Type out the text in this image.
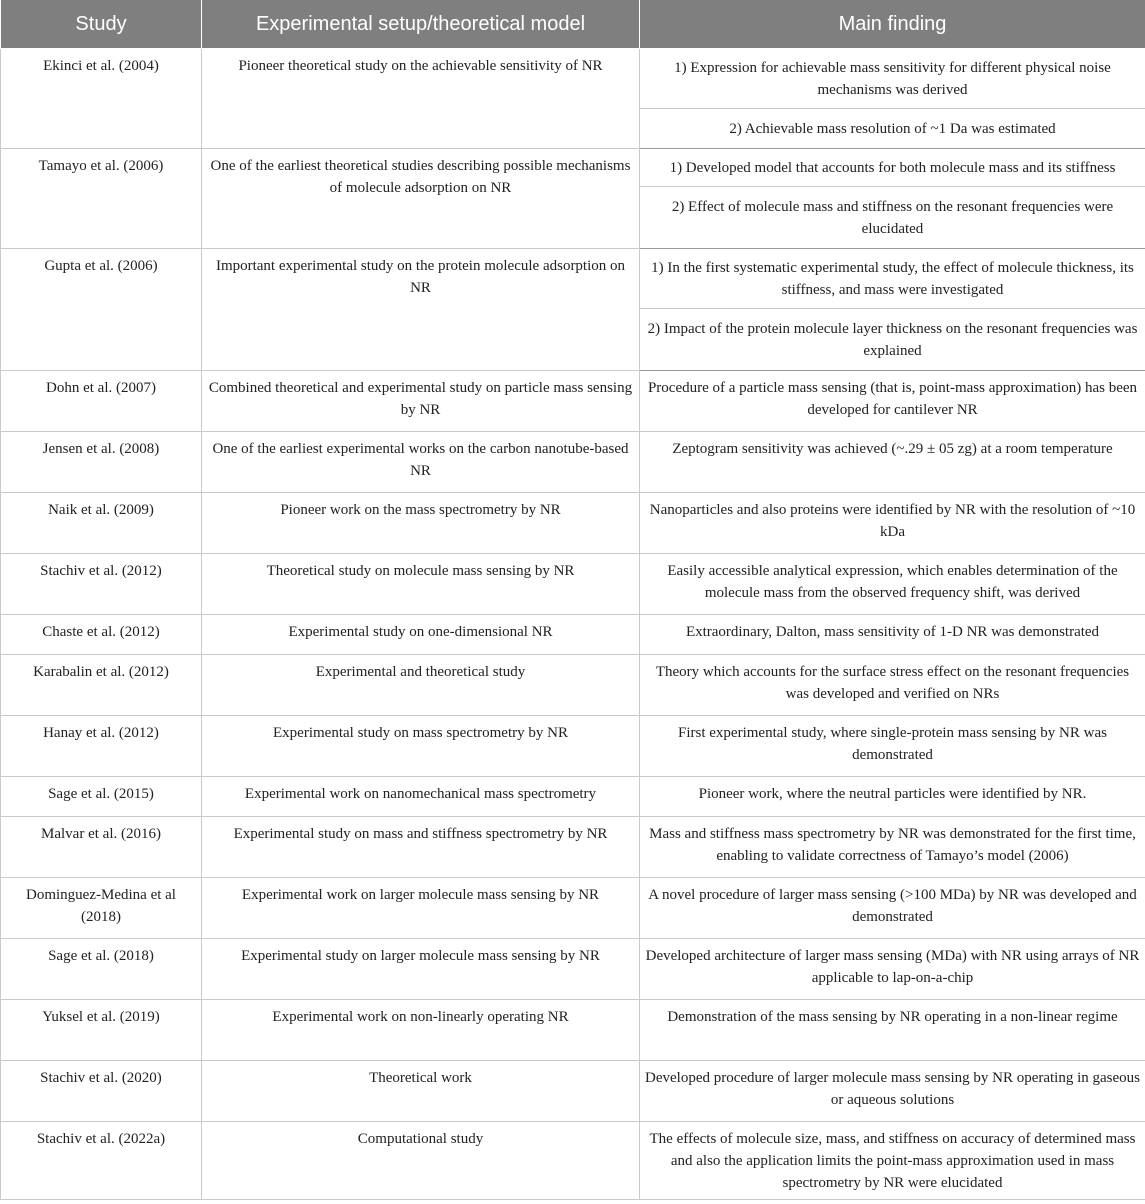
Study	Experimental setup/theoretical model	Main finding
Ekinci et al. (2004)	Pioneer theoretical study on the achievable sensitivity of NR	1) Expression for achievable mass sensitivity for different physical noise mechanisms was derived
		2) Achievable mass resolution of ~1 Da was estimated
Tamayo et al. (2006)	One of the earliest theoretical studies describing possible mechanisms of molecule adsorption on NR	1) Developed model that accounts for both molecule mass and its stiffness
		2) Effect of molecule mass and stiffness on the resonant frequencies were elucidated
Gupta et al. (2006)	Important experimental study on the protein molecule adsorption on NR	1) In the first systematic experimental study, the effect of molecule thickness, its stiffness, and mass were investigated
		2) Impact of the protein molecule layer thickness on the resonant frequencies was explained
Dohn et al. (2007)	Combined theoretical and experimental study on particle mass sensing by NR	Procedure of a particle mass sensing (that is, point-mass approximation) has been developed for cantilever NR
Jensen et al. (2008)	One of the earliest experimental works on the carbon nanotube-based NR	Zeptogram sensitivity was achieved (~.29 ± 05 zg) at a room temperature
Naik et al. (2009)	Pioneer work on the mass spectrometry by NR	Nanoparticles and also proteins were identified by NR with the resolution of ~10 kDa
Stachiv et al. (2012)	Theoretical study on molecule mass sensing by NR	Easily accessible analytical expression, which enables determination of the molecule mass from the observed frequency shift, was derived
Chaste et al. (2012)	Experimental study on one-dimensional NR	Extraordinary, Dalton, mass sensitivity of 1-D NR was demonstrated
Karabalin et al. (2012)	Experimental and theoretical study	Theory which accounts for the surface stress effect on the resonant frequencies was developed and verified on NRs
Hanay et al. (2012)	Experimental study on mass spectrometry by NR	First experimental study, where single-protein mass sensing by NR was demonstrated
Sage et al. (2015)	Experimental work on nanomechanical mass spectrometry	Pioneer work, where the neutral particles were identified by NR.
Malvar et al. (2016)	Experimental study on mass and stiffness spectrometry by NR	Mass and stiffness mass spectrometry by NR was demonstrated for the first time, enabling to validate correctness of Tamayo’s model (2006)
Dominguez-Medina et al (2018)	Experimental work on larger molecule mass sensing by NR	A novel procedure of larger mass sensing (>100 MDa) by NR was developed and demonstrated
Sage et al. (2018)	Experimental study on larger molecule mass sensing by NR	Developed architecture of larger mass sensing (MDa) with NR using arrays of NR applicable to lap-on-a-chip
Yuksel et al. (2019)	Experimental work on non-linearly operating NR	Demonstration of the mass sensing by NR operating in a non-linear regime
Stachiv et al. (2020)	Theoretical work	Developed procedure of larger molecule mass sensing by NR operating in gaseous or aqueous solutions
Stachiv et al. (2022a)	Computational study	The effects of molecule size, mass, and stiffness on accuracy of determined mass and also the application limits the point-mass approximation used in mass spectrometry by NR were elucidated
